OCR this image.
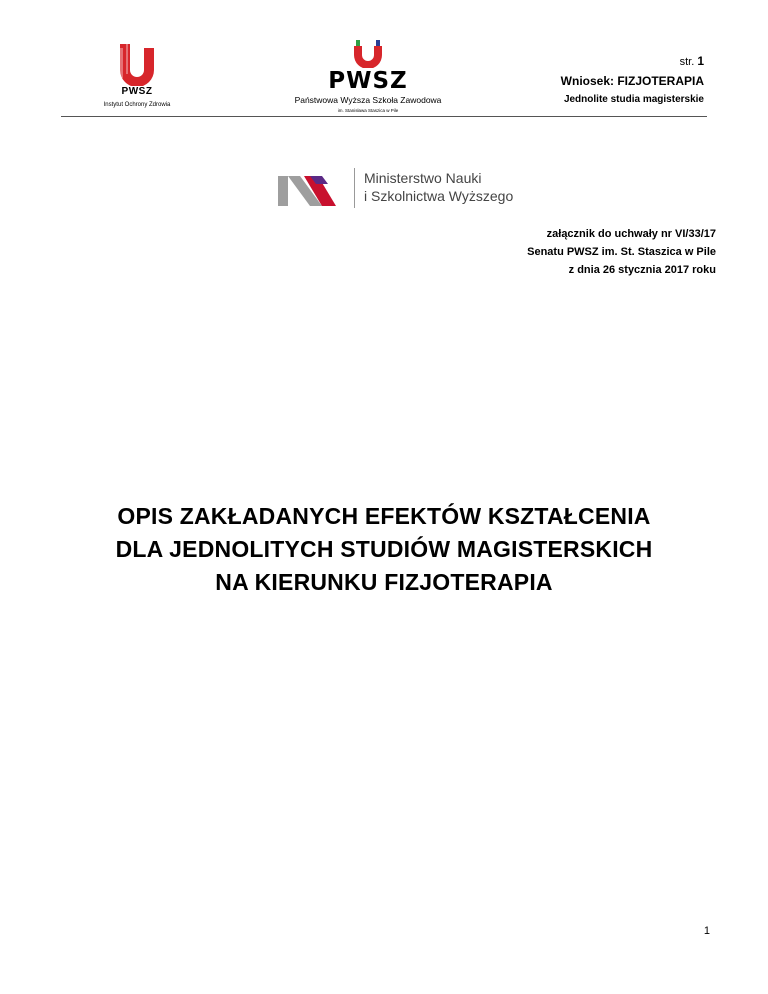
PWSZ
Instytut Ochrony Zdrowia
PWSZ
Państwowa Wyższa Szkoła Zawodowa
im. Stanisława Staszica w Pile
str. 1
Wniosek: FIZJOTERAPIA
Jednolite studia magisterskie
Ministerstwo Nauki
i Szkolnictwa Wyższego
załącznik do uchwały nr VI/33/17
Senatu PWSZ im. St. Staszica w Pile
z dnia 26 stycznia 2017 roku
OPIS ZAKŁADANYCH EFEKTÓW KSZTAŁCENIA
DLA JEDNOLITYCH STUDIÓW MAGISTERSKICH
NA KIERUNKU FIZJOTERAPIA
1
